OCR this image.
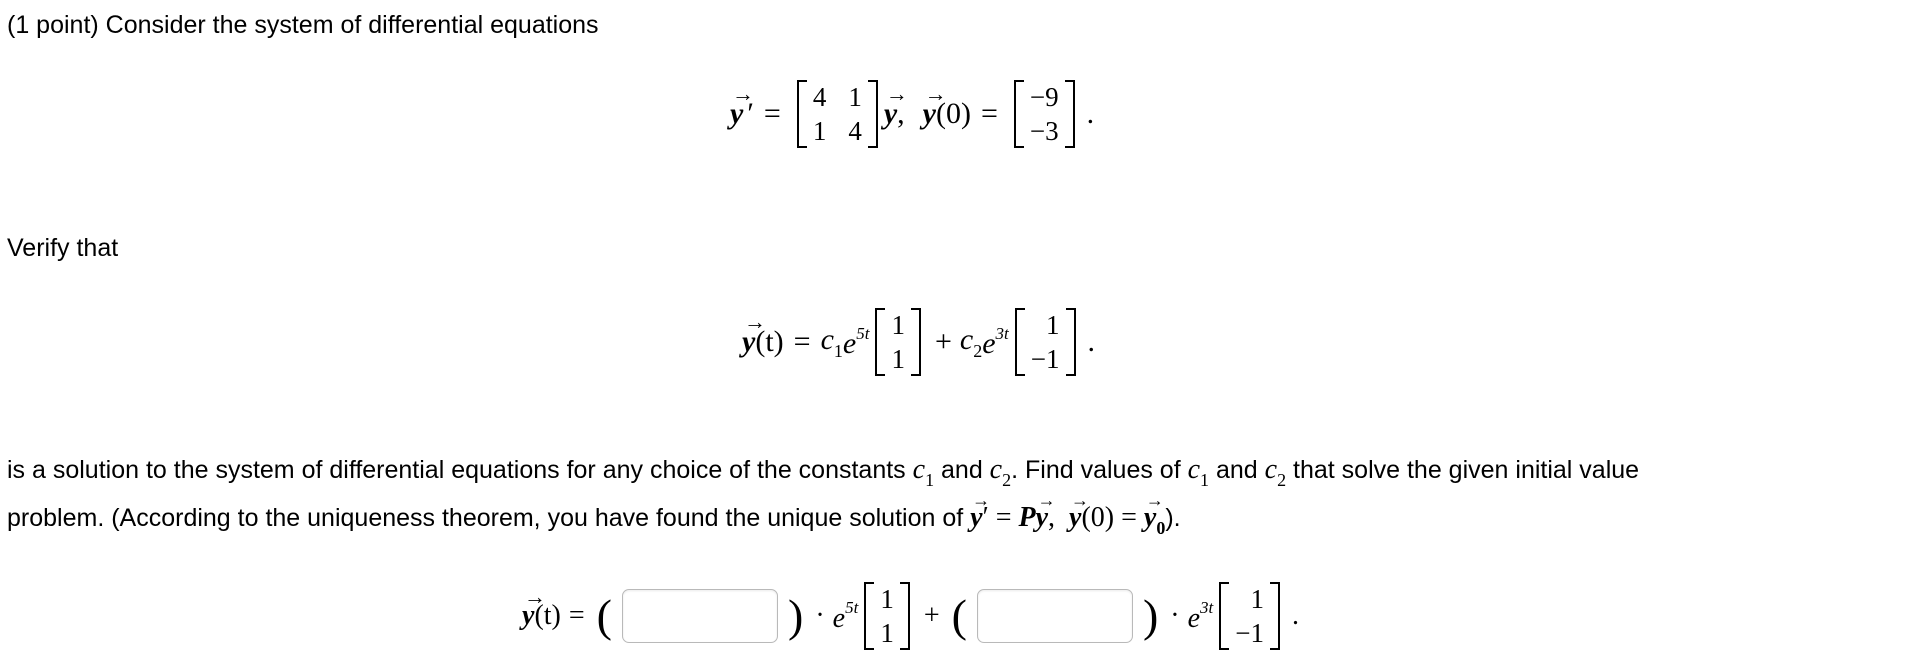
(1 point) Consider the system of differential equations
→
y ′ = 4
1
1
4
→
y ,
→
y (0) = −9
−3
.
Verify that
→
y $(t) = c_1$ $e^{5t}$ 1
1
+ $c_2$ $e^{3t}$ 1
−1
.
is a solution to the system of differential equations for any choice of the constants $c_1$ and $c_2$. Find values of $c_1$ and $c_2$ that solve the given initial value
problem. (According to the uniqueness theorem, you have found the unique solution of
→
y′ = P
→
y,
→
y(0) =
→
$y_0$).
→
y (t) = (	) · $e^{5t}$ 1
1
+ (	) · $e^{3t}$ 1
−1
.
